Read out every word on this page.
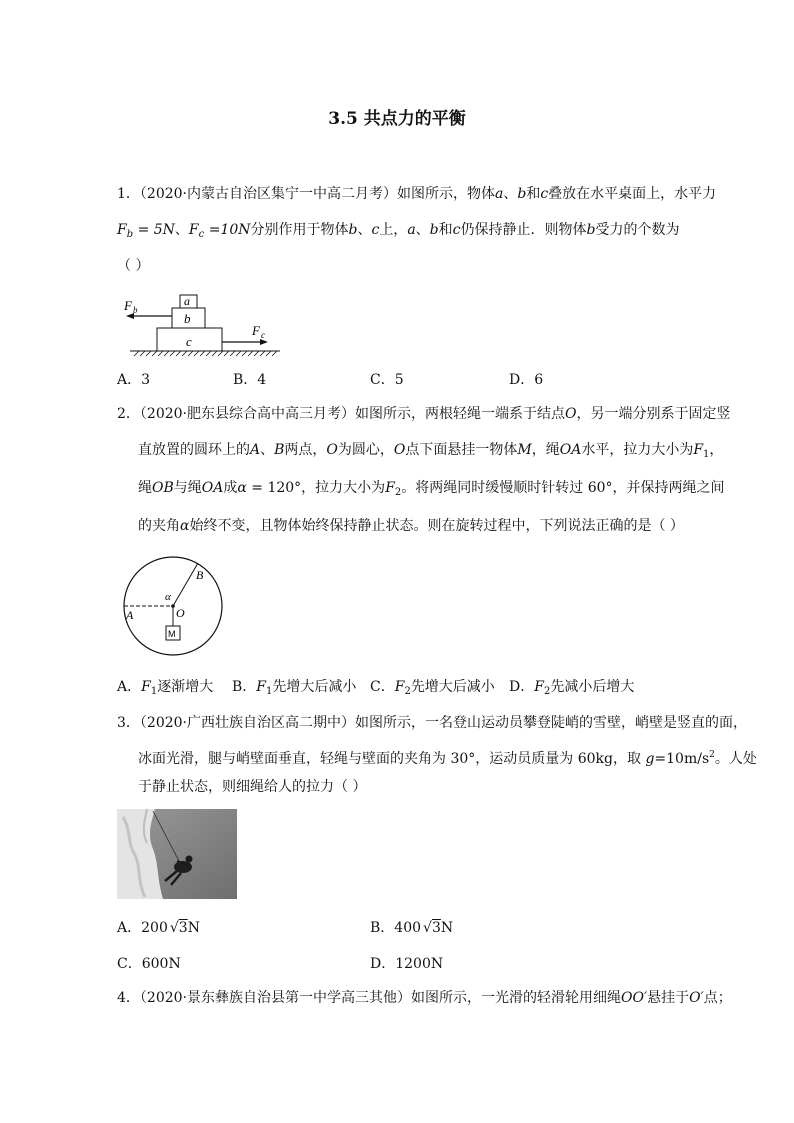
3.5 共点力的平衡
1．（2020·内蒙古自治区集宁一中高二月考）如图所示，物体a、b和c叠放在水平桌面上，水平力
$F_b = 5N$、$F_c =10N$分别作用于物体b、c上，a、b和c仍保持静止．则物体b受力的个数为
（ ）
a
b
c
F b
F c
A．3	B．4	C．5	D．6
2．（2020·肥东县综合高中高三月考）如图所示，两根轻绳一端系于结点O，另一端分别系于固定竖
直放置的圆环上的A、B两点，O为圆心，O点下面悬挂一物体M，绳OA水平，拉力大小为$F_1$，
绳OB与绳OA成α = 120°，拉力大小为$F_2$。将两绳同时缓慢顺时针转过 60°，并保持两绳之间
的夹角α始终不变，且物体始终保持静止状态。则在旋转过程中，下列说法正确的是（ ）
A
B
O
α
M
A．$F_1$逐渐增大 B．$F_1$先增大后减小 C．$F_2$先增大后减小 D．$F_2$先减小后增大
3．（2020·广西壮族自治区高二期中）如图所示，一名登山运动员攀登陡峭的雪壁，峭壁是竖直的面，
冰面光滑，腿与峭壁面垂直，轻绳与壁面的夹角为 30°，运动员质量为 60kg，取 $g=10m/s^2$。人处
于静止状态，则细绳给人的拉力（ ）
A．200 √3N	B．400 √3N
C．600N	D．1200N
4．（2020·景东彝族自治县第一中学高三其他）如图所示，一光滑的轻滑轮用细绳OO′悬挂于O′点；
